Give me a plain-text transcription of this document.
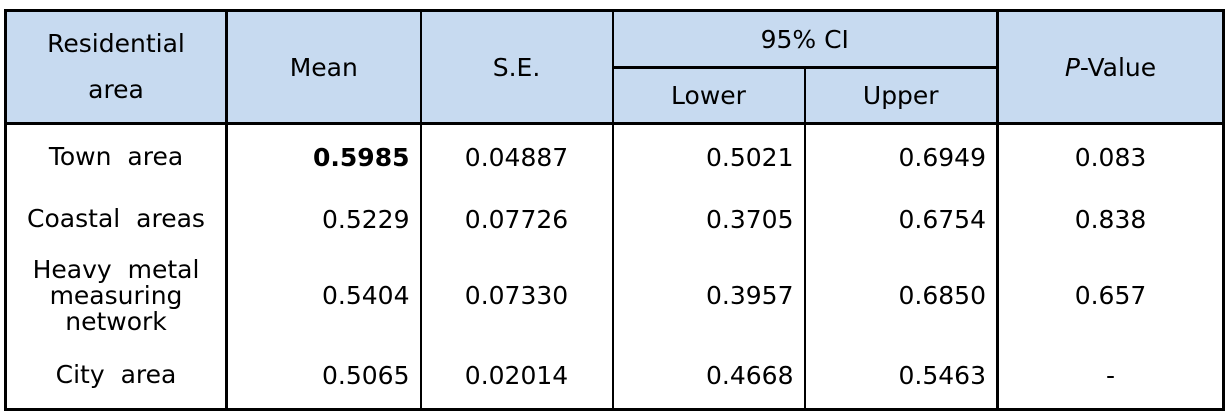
Residential
area	Mean	S.E.	95% CI		P-Value
			Lower	Upper	
Town area	0.5985	0.04887	0.5021	0.6949	0.083
Coastal areas	0.5229	0.07726	0.3705	0.6754	0.838
Heavy metal
measuring
network	0.5404	0.07330	0.3957	0.6850	0.657
City area	0.5065	0.02014	0.4668	0.5463	-
